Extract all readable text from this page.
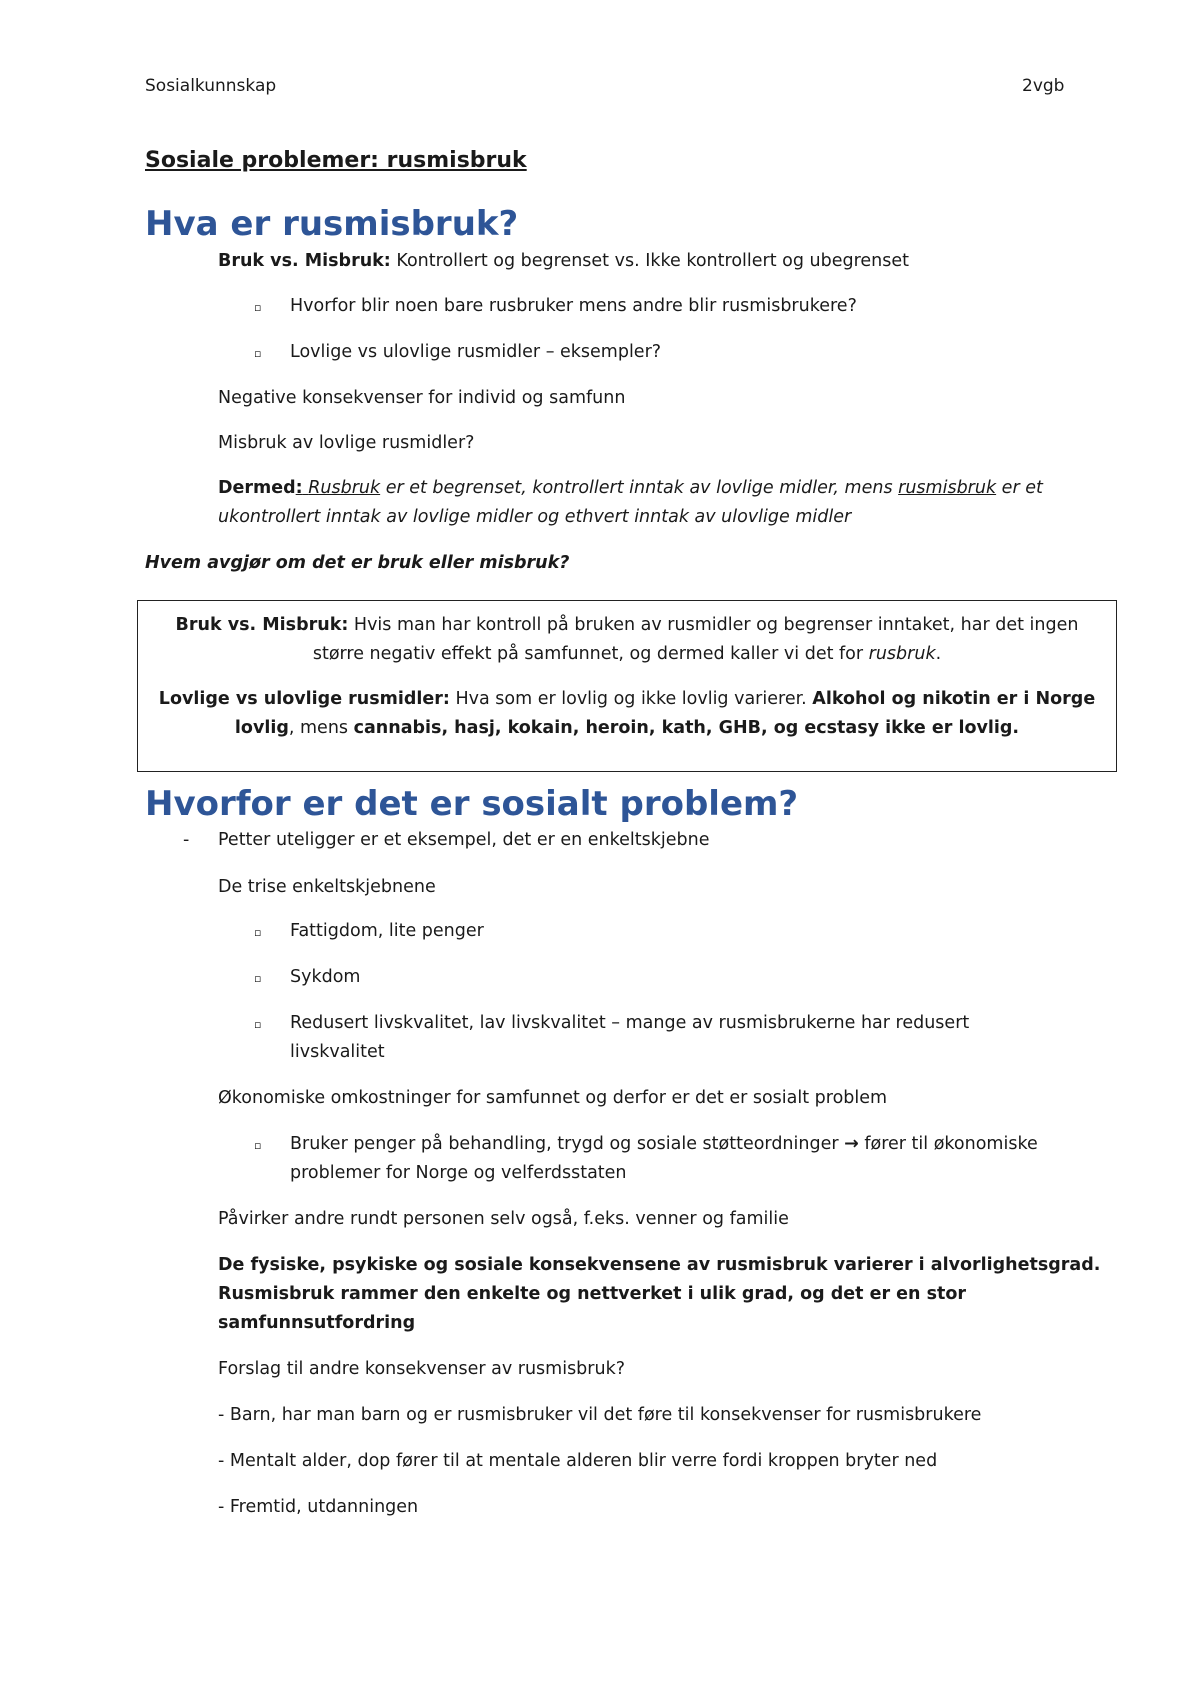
Sosialkunnskap	2vgb
Sosiale problemer: rusmisbruk
Hva er rusmisbruk?
Bruk vs. Misbruk: Kontrollert og begrenset vs. Ikke kontrollert og ubegrenset
▫ Hvorfor blir noen bare rusbruker mens andre blir rusmisbrukere?
▫ Lovlige vs ulovlige rusmidler – eksempler?
Negative konsekvenser for individ og samfunn
Misbruk av lovlige rusmidler?
Dermed: Rusbruk er et begrenset, kontrollert inntak av lovlige midler, mens rusmisbruk er et
ukontrollert inntak av lovlige midler og ethvert inntak av ulovlige midler
Hvem avgjør om det er bruk eller misbruk?
Bruk vs. Misbruk: Hvis man har kontroll på bruken av rusmidler og begrenser inntaket, har det ingen
større negativ effekt på samfunnet, og dermed kaller vi det for rusbruk.
Lovlige vs ulovlige rusmidler: Hva som er lovlig og ikke lovlig varierer. Alkohol og nikotin er i Norge
lovlig, mens cannabis, hasj, kokain, heroin, kath, GHB, og ecstasy ikke er lovlig.
Hvorfor er det er sosialt problem?
- Petter uteligger er et eksempel, det er en enkeltskjebne
De trise enkeltskjebnene
▫ Fattigdom, lite penger
▫ Sykdom
▫ Redusert livskvalitet, lav livskvalitet – mange av rusmisbrukerne har redusert
livskvalitet
Økonomiske omkostninger for samfunnet og derfor er det er sosialt problem
▫ Bruker penger på behandling, trygd og sosiale støtteordninger → fører til økonomiske
problemer for Norge og velferdsstaten
Påvirker andre rundt personen selv også, f.eks. venner og familie
De fysiske, psykiske og sosiale konsekvensene av rusmisbruk varierer i alvorlighetsgrad.
Rusmisbruk rammer den enkelte og nettverket i ulik grad, og det er en stor
samfunnsutfordring
Forslag til andre konsekvenser av rusmisbruk?
- Barn, har man barn og er rusmisbruker vil det føre til konsekvenser for rusmisbrukere
- Mentalt alder, dop fører til at mentale alderen blir verre fordi kroppen bryter ned
- Fremtid, utdanningen
